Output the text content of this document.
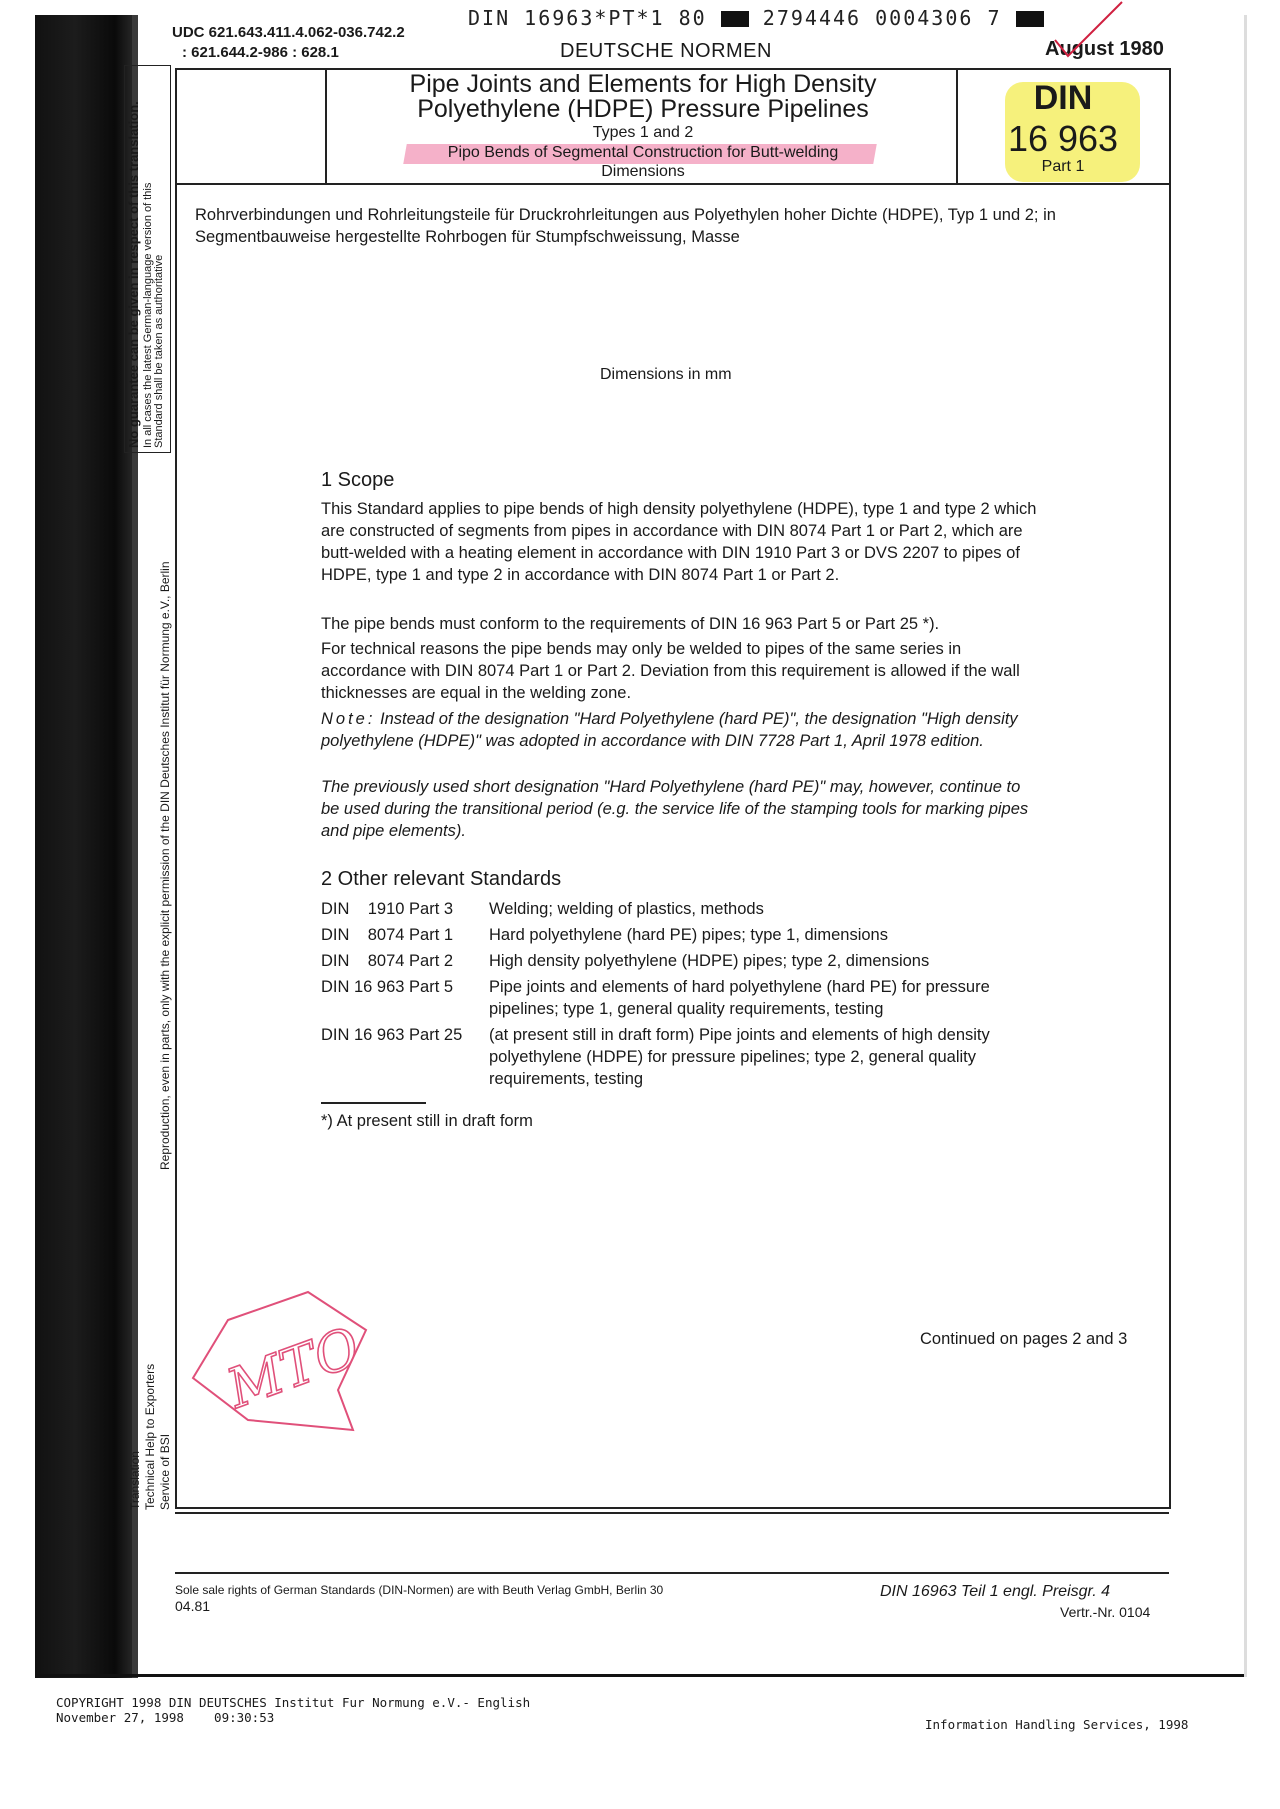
DIN 16963*PT*1 80	2794446 0004306 7
UDC 621.643.411.4.062-036.742.2
: 621.644.2-986 : 628.1	DEUTSCHE NORMEN	August 1980
Pipe Joints and Elements for High Density
Polyethylene (HDPE) Pressure Pipelines
Types 1 and 2
Pipo Bends of Segmental Construction for Butt-welding
Dimensions
DIN
16 963
Part 1
No guarantee can be given in respect of this translation. In all cases the latest German-language version of this Standard shall be taken as authoritative
Reproduction, even in parts, only with the explicit permission of the DIN Deutsches Institut für Normung e.V., Berlin
Translation Technical Help to Exporters Service of BSI
Rohrverbindungen und Rohrleitungsteile für Druckrohrleitungen aus Polyethylen hoher Dichte (HDPE), Typ 1 und 2; in Segmentbauweise hergestellte Rohrbogen für Stumpfschweissung, Masse
Dimensions in mm
1 Scope
This Standard applies to pipe bends of high density polyethylene (HDPE), type 1 and type 2 which are constructed of segments from pipes in accordance with DIN 8074 Part 1 or Part 2, which are butt-welded with a heating element in accordance with DIN 1910 Part 3 or DVS 2207 to pipes of HDPE, type 1 and type 2 in accordance with DIN 8074 Part 1 or Part 2.
The pipe bends must conform to the requirements of DIN 16 963 Part 5 or Part 25 *).
For technical reasons the pipe bends may only be welded to pipes of the same series in accordance with DIN 8074 Part 1 or Part 2. Deviation from this requirement is allowed if the wall thicknesses are equal in the welding zone.
Note: Instead of the designation "Hard Polyethylene (hard PE)", the designation "High density polyethylene (HDPE)" was adopted in accordance with DIN 7728 Part 1, April 1978 edition.
The previously used short designation "Hard Polyethylene (hard PE)" may, however, continue to be used during the transitional period (e.g. the service life of the stamping tools for marking pipes and pipe elements).
2 Other relevant Standards
DIN    1910 Part 3	Welding; welding of plastics, methods
DIN    8074 Part 1	Hard polyethylene (hard PE) pipes; type 1, dimensions
DIN    8074 Part 2	High density polyethylene (HDPE) pipes; type 2, dimensions
DIN 16 963 Part 5	Pipe joints and elements of hard polyethylene (hard PE) for pressure pipelines; type 1, general quality requirements, testing
DIN 16 963 Part 25	(at present still in draft form) Pipe joints and elements of high density polyethylene (HDPE) for pressure pipelines; type 2, general quality requirements, testing
*) At present still in draft form
Continued on pages 2 and 3
MTO
Sole sale rights of German Standards (DIN-Normen) are with Beuth Verlag GmbH, Berlin 30
04.81
DIN 16963 Teil 1 engl. Preisgr. 4
Vertr.-Nr. 0104
COPYRIGHT 1998 DIN DEUTSCHES Institut Fur Normung e.V.- English
November 27, 1998    09:30:53	Information Handling Services, 1998
